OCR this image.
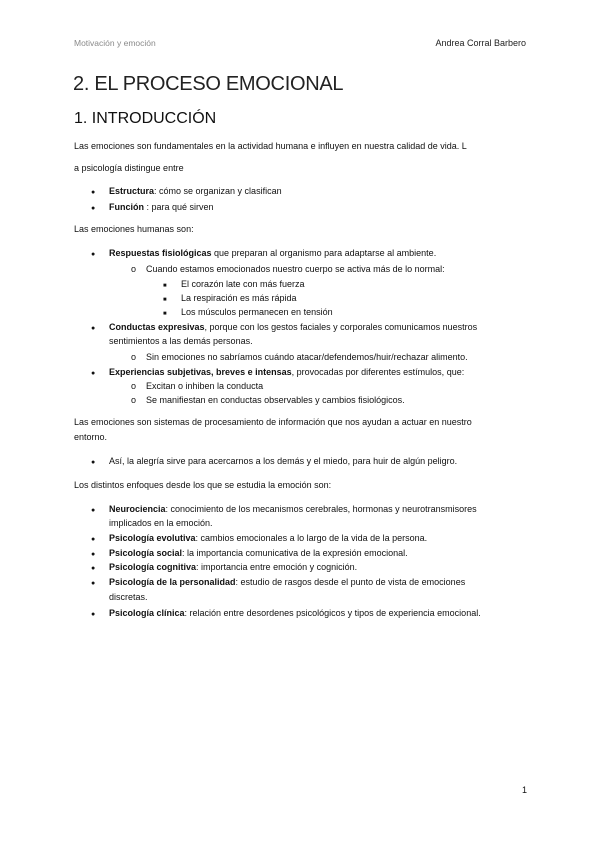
Motivación y emoción	Andrea Corral Barbero
2. EL PROCESO EMOCIONAL
1. INTRODUCCIÓN
Las emociones son fundamentales en la actividad humana e influyen en nuestra calidad de vida. L
a psicología distingue entre
●
Estructura: cómo se organizan y clasifican
●
Función : para qué sirven
Las emociones humanas son:
●
Respuestas fisiológicas que preparan al organismo para adaptarse al ambiente.
o
Cuando estamos emocionados nuestro cuerpo se activa más de lo normal:
■
El corazón late con más fuerza
■
La respiración es más rápida
■
Los músculos permanecen en tensión
●
Conductas expresivas, porque con los gestos faciales y corporales comunicamos nuestros
sentimientos a las demás personas.
o
Sin emociones no sabríamos cuándo atacar/defendemos/huir/rechazar alimento.
●
Experiencias subjetivas, breves e intensas, provocadas por diferentes estímulos, que:
o
Excitan o inhiben la conducta
o
Se manifiestan en conductas observables y cambios fisiológicos.
Las emociones son sistemas de procesamiento de información que nos ayudan a actuar en nuestro
entorno.
●
Así, la alegría sirve para acercarnos a los demás y el miedo, para huir de algún peligro.
Los distintos enfoques desde los que se estudia la emoción son:
●
Neurociencia: conocimiento de los mecanismos cerebrales, hormonas y neurotransmisores
implicados en la emoción.
●
Psicología evolutiva: cambios emocionales a lo largo de la vida de la persona.
●
Psicología social: la importancia comunicativa de la expresión emocional.
●
Psicología cognitiva: importancia entre emoción y cognición.
●
Psicología de la personalidad: estudio de rasgos desde el punto de vista de emociones
discretas.
●
Psicología clínica: relación entre desordenes psicológicos y tipos de experiencia emocional.
1
